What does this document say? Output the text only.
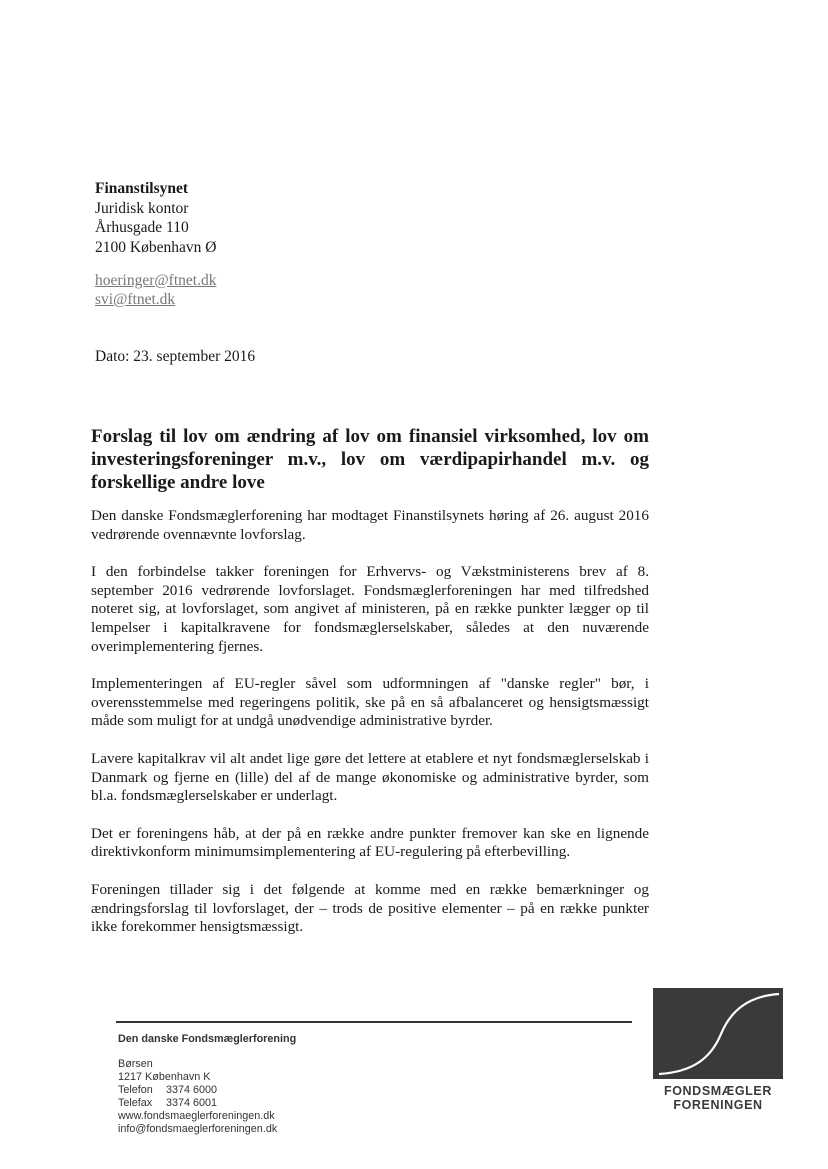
Finanstilsynet
Juridisk kontor
Århusgade 110
2100 København Ø
hoeringer@ftnet.dk
svi@ftnet.dk
Dato: 23. september 2016
Forslag til lov om ændring af lov om finansiel virksomhed, lov om investeringsforeninger m.v., lov om værdipapirhandel m.v. og forskellige andre love

Den danske Fondsmæglerforening har modtaget Finanstilsynets høring af 26. august 2016 vedrørende ovennævnte lovforslag.

I den forbindelse takker foreningen for Erhvervs- og Vækstministerens brev af 8. september 2016 vedrørende lovforslaget. Fondsmæglerforeningen har med tilfredshed noteret sig, at lovforslaget, som angivet af ministeren, på en række punkter lægger op til lempelser i kapitalkravene for fondsmæglerselskaber, således at den nuværende overimplementering fjernes.

Implementeringen af EU-regler såvel som udformningen af "danske regler" bør, i overensstemmelse med regeringens politik, ske på en så afbalanceret og hensigtsmæssigt måde som muligt for at undgå unødvendige administrative byrder.

Lavere kapitalkrav vil alt andet lige gøre det lettere at etablere et nyt fondsmæglerselskab i Danmark og fjerne en (lille) del af de mange økonomiske og administrative byrder, som bl.a. fondsmæglerselskaber er underlagt.

Det er foreningens håb, at der på en række andre punkter fremover kan ske en lignende direktivkonform minimumsimplementering af EU-regulering på efterbevilling.

Foreningen tillader sig i det følgende at komme med en række bemærkninger og ændringsforslag til lovforslaget, der – trods de positive elementer – på en række punkter ikke forekommer hensigtsmæssigt.

Den danske Fondsmæglerforening
Børsen
1217 København K
Telefon 3374 6000
Telefax 3374 6001
www.fondsmaeglerforeningen.dk
info@fondsmaeglerforeningen.dk
FONDSMÆGLER
FORENINGEN
